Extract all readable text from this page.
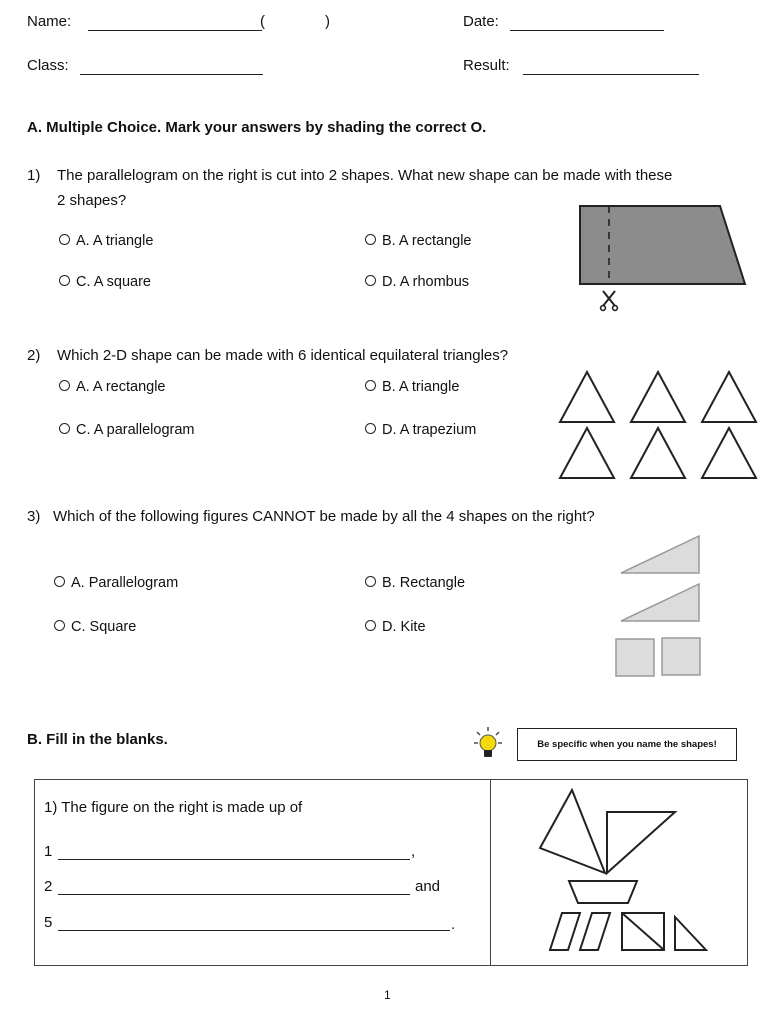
Name:	(	)	Date:
Class:	Result:
A. Multiple Choice. Mark your answers by shading the correct O.
1) The parallelogram on the right is cut into 2 shapes. What new shape can be made with these
2 shapes?
A. A triangle	B. A rectangle
C. A square	D. A rhombus
2) Which 2-D shape can be made with 6 identical equilateral triangles?
A. A rectangle	B. A triangle
C. A parallelogram	D. A trapezium
3) Which of the following figures CANNOT be made by all the 4 shapes on the right?
A. Parallelogram	B. Rectangle
C. Square	D. Kite
B. Fill in the blanks.	Be specific when you name the shapes!
1) The figure on the right is made up of
1	,
2	and
5	.
1
